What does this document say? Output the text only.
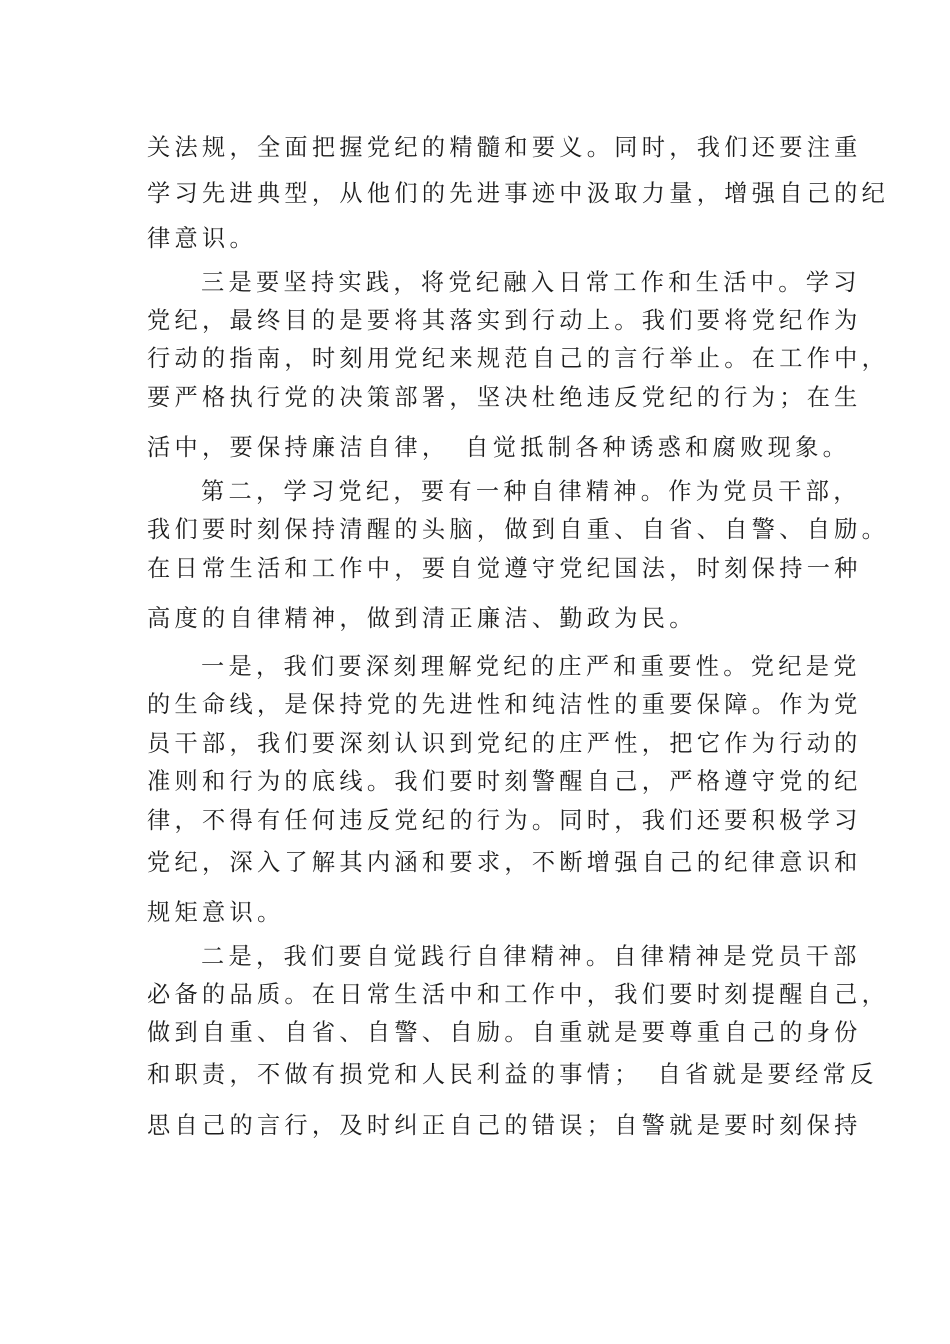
关法规，全面把握党纪的精髓和要义。同时，我们还要注重
学习先进典型，从他们的先进事迹中汲取力量，增强自己的纪
律意识。
三是要坚持实践，将党纪融入日常工作和生活中。学习
党纪，最终目的是要将其落实到行动上。我们要将党纪作为
行动的指南，时刻用党纪来规范自己的言行举止。在工作中，
要严格执行党的决策部署，坚决杜绝违反党纪的行为；在生
活中，要保持廉洁自律，　自觉抵制各种诱惑和腐败现象。
第二，学习党纪，要有一种自律精神。作为党员干部，
我们要时刻保持清醒的头脑，做到自重、自省、自警、自励。
在日常生活和工作中，要自觉遵守党纪国法，时刻保持一种
高度的自律精神，做到清正廉洁、勤政为民。
一是，我们要深刻理解党纪的庄严和重要性。党纪是党
的生命线，是保持党的先进性和纯洁性的重要保障。作为党
员干部，我们要深刻认识到党纪的庄严性，把它作为行动的
准则和行为的底线。我们要时刻警醒自己，严格遵守党的纪
律，不得有任何违反党纪的行为。同时，我们还要积极学习
党纪，深入了解其内涵和要求，不断增强自己的纪律意识和
规矩意识。
二是，我们要自觉践行自律精神。自律精神是党员干部
必备的品质。在日常生活中和工作中，我们要时刻提醒自己，
做到自重、自省、自警、自励。自重就是要尊重自己的身份
和职责，不做有损党和人民利益的事情；　自省就是要经常反
思自己的言行，及时纠正自己的错误；自警就是要时刻保持
